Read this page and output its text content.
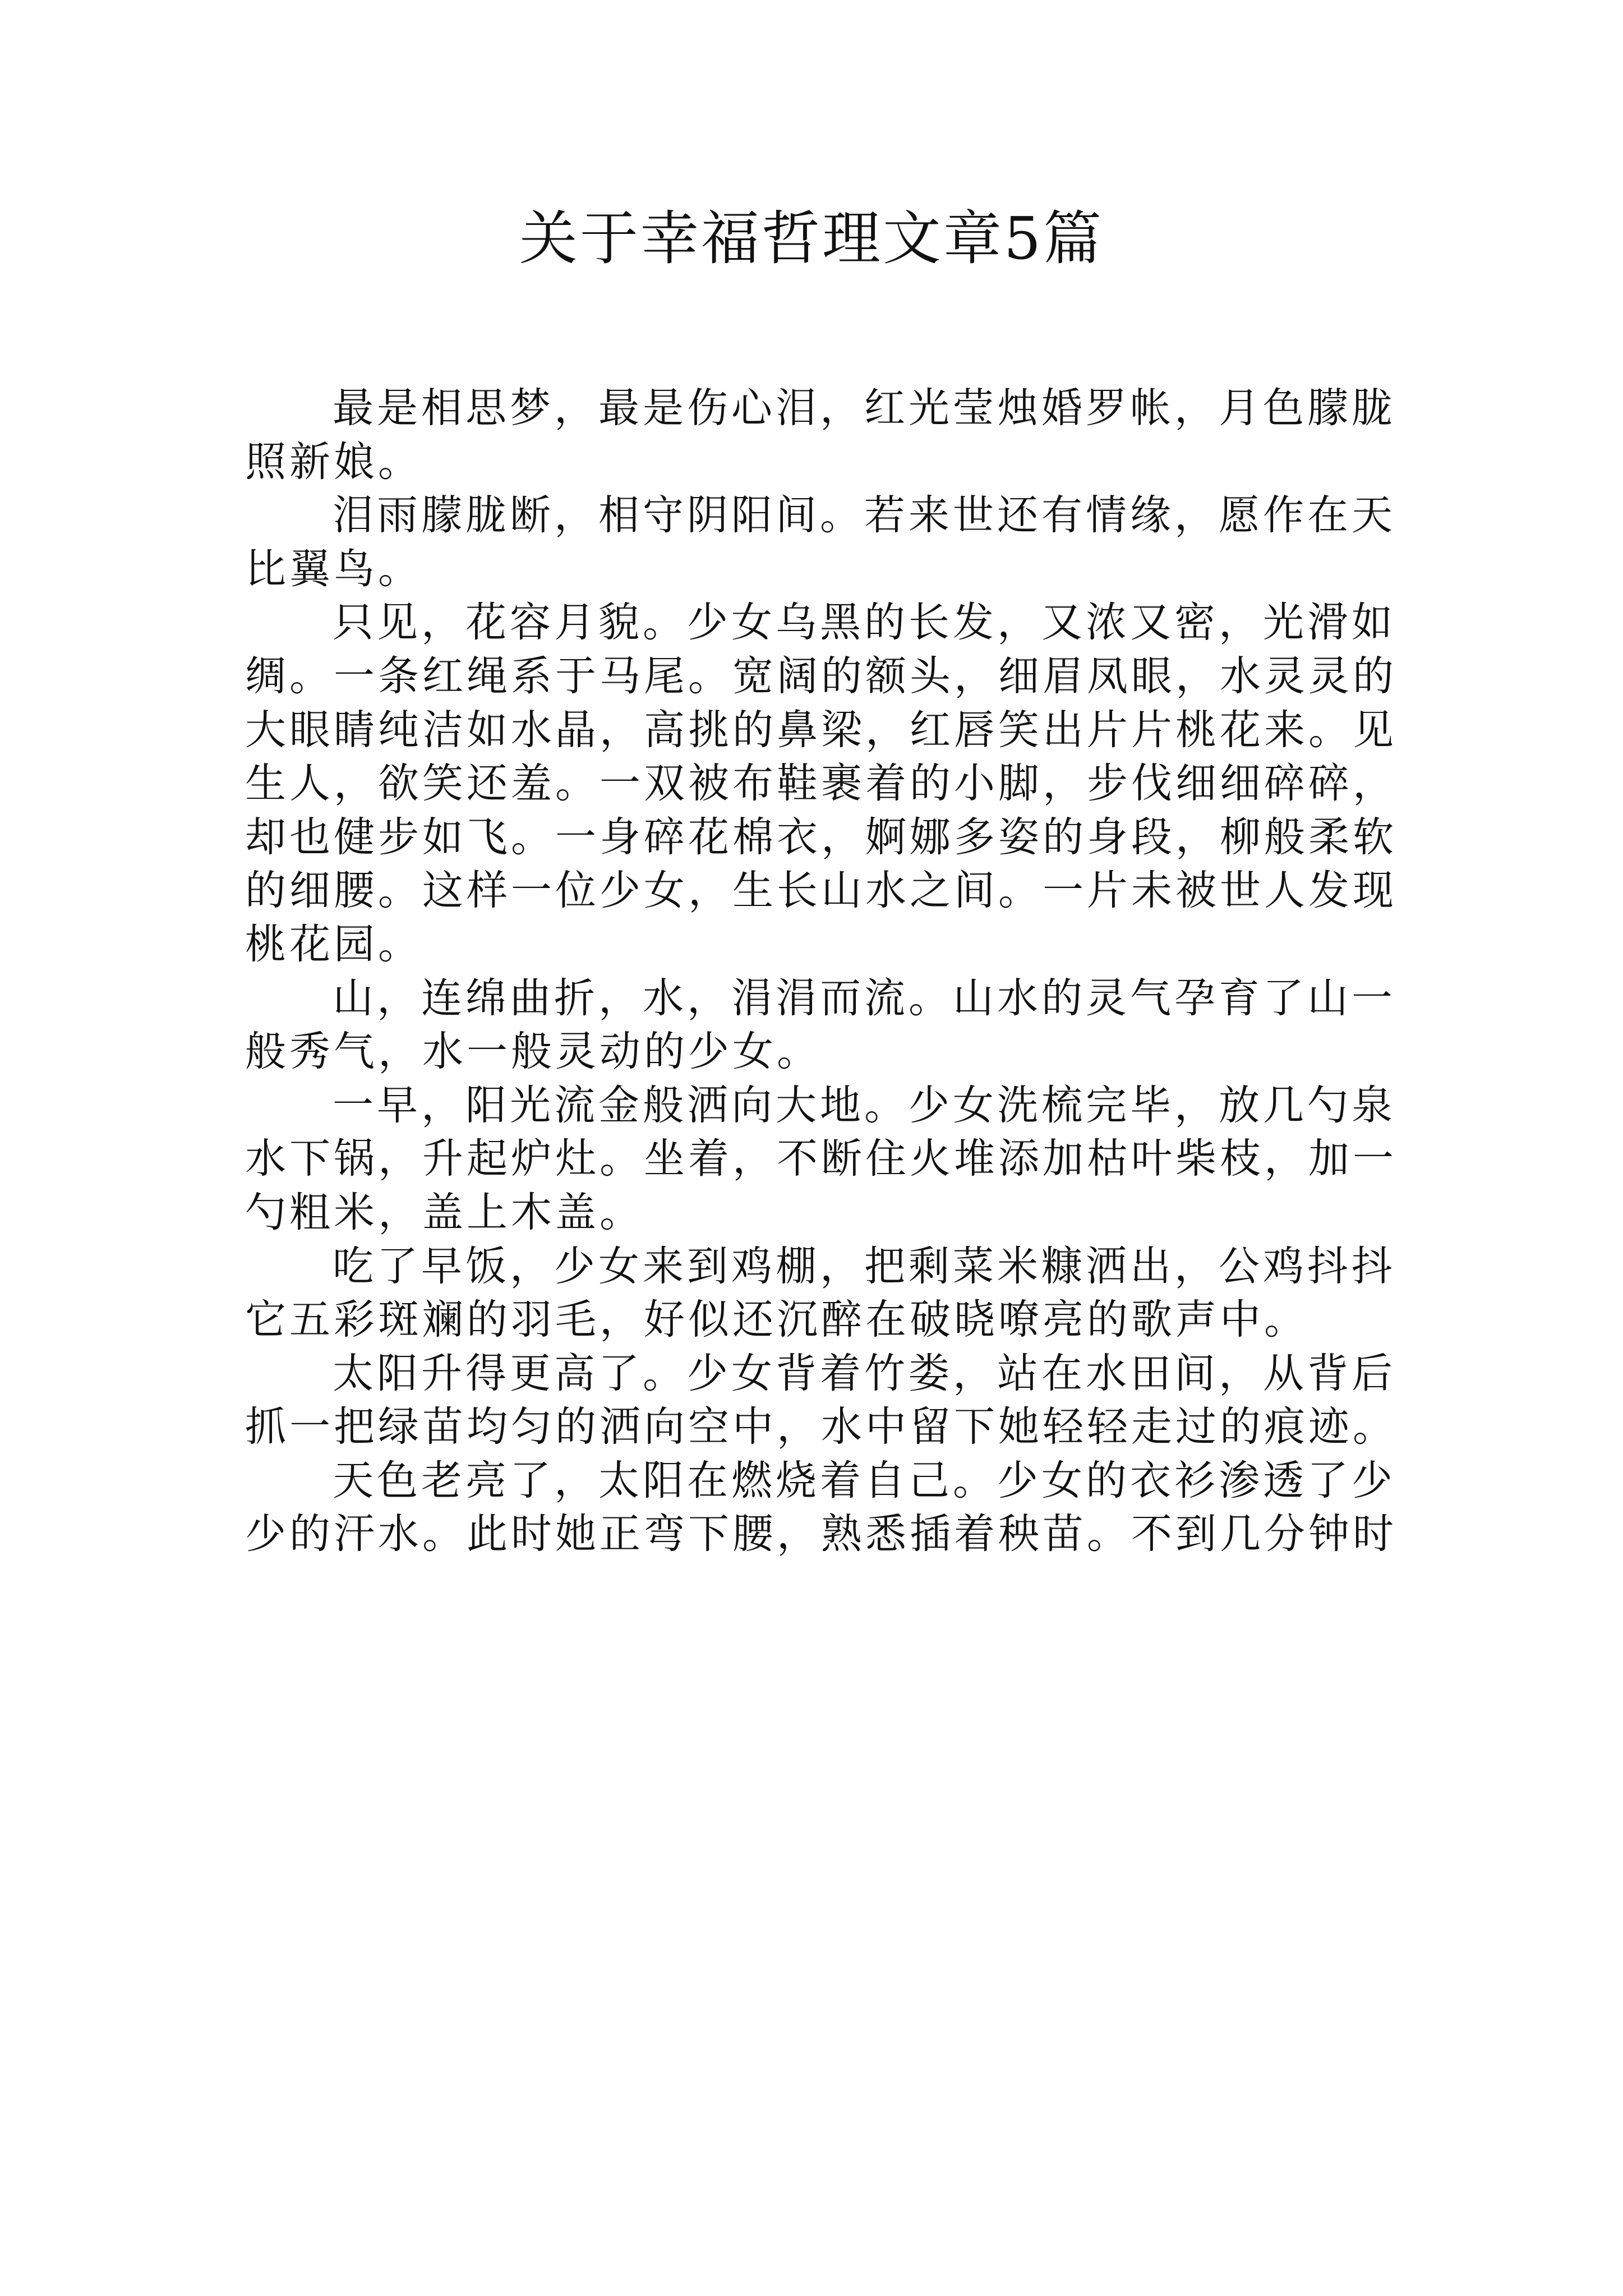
关于幸福哲理文章5篇
最是相思梦，最是伤心泪，红光莹烛婚罗帐，月色朦胧
照新娘。
泪雨朦胧断，相守阴阳间。若来世还有情缘，愿作在天
比翼鸟。
只见，花容月貌。少女乌黑的长发，又浓又密，光滑如
绸。一条红绳系于马尾。宽阔的额头，细眉凤眼，水灵灵的
大眼睛纯洁如水晶，高挑的鼻梁，红唇笑出片片桃花来。见
生人，欲笑还羞。一双被布鞋裹着的小脚，步伐细细碎碎，
却也健步如飞。一身碎花棉衣，婀娜多姿的身段，柳般柔软
的细腰。这样一位少女，生长山水之间。一片未被世人发现
桃花园。
山，连绵曲折，水，涓涓而流。山水的灵气孕育了山一
般秀气，水一般灵动的少女。
一早，阳光流金般洒向大地。少女洗梳完毕，放几勺泉
水下锅，升起炉灶。坐着，不断住火堆添加枯叶柴枝，加一
勺粗米，盖上木盖。
吃了早饭，少女来到鸡棚，把剩菜米糠洒出，公鸡抖抖
它五彩斑斓的羽毛，好似还沉醉在破晓嘹亮的歌声中。
太阳升得更高了。少女背着竹娄，站在水田间，从背后
抓一把绿苗均匀的洒向空中，水中留下她轻轻走过的痕迹。
天色老亮了，太阳在燃烧着自己。少女的衣衫渗透了少
少的汗水。此时她正弯下腰，熟悉插着秧苗。不到几分钟时
